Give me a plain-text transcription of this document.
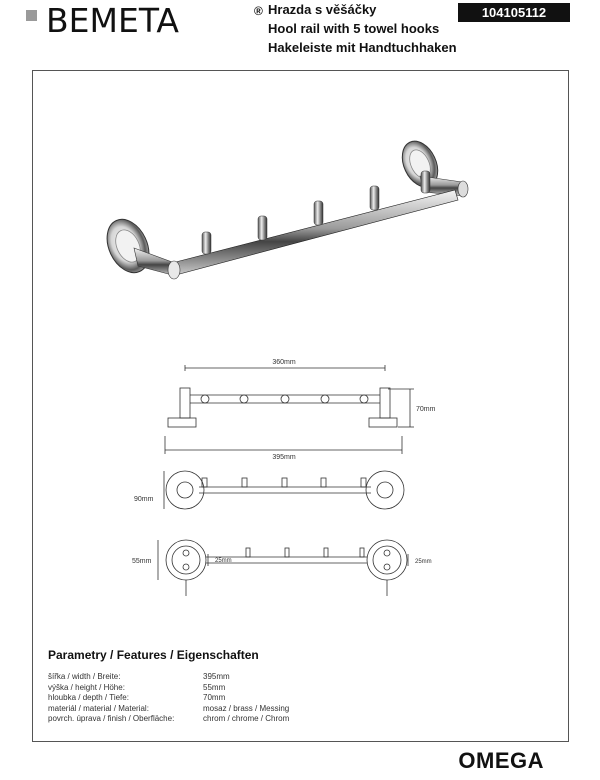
BEMETA	® Hrazda s věšáčky
Hool rail with 5 towel hooks
Hakeleiste mit Handtuchhaken
104105112
360mm
395mm
70mm
90mm
55mm	25mm	25mm
Parametry / Features / Eigenschaften
šířka / width / Breite:	395mm
výška / height / Höhe:	55mm
hloubka / depth / Tiefe:	70mm
materiál / material / Material:	mosaz / brass / Messing
povrch. úprava / finish / Oberfläche:	chrom / chrome / Chrom
OMEGA
